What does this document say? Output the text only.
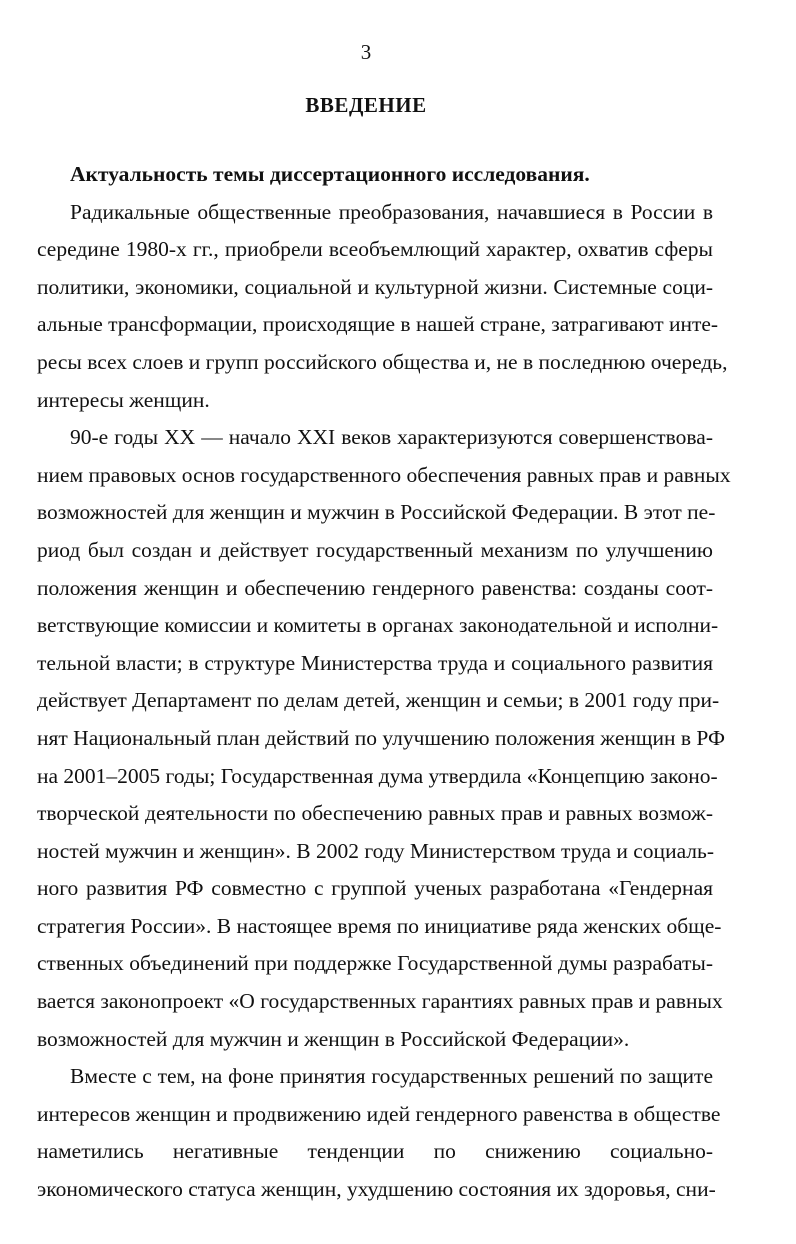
3
ВВЕДЕНИЕ
Актуальность темы диссертационного исследования.
Радикальные общественные преобразования, начавшиеся в России в
середине 1980-х гг., приобрели всеобъемлющий характер, охватив сферы
политики, экономики, социальной и культурной жизни. Системные соци-
альные трансформации, происходящие в нашей стране, затрагивают инте-
ресы всех слоев и групп российского общества и, не в последнюю очередь,
интересы женщин.
90-е годы XX — начало XXI веков характеризуются совершенствова-
нием правовых основ государственного обеспечения равных прав и равных
возможностей для женщин и мужчин в Российской Федерации. В этот пе-
риод был создан и действует государственный механизм по улучшению
положения женщин и обеспечению гендерного равенства: созданы соот-
ветствующие комиссии и комитеты в органах законодательной и исполни-
тельной власти; в структуре Министерства труда и социального развития
действует Департамент по делам детей, женщин и семьи; в 2001 году при-
нят Национальный план действий по улучшению положения женщин в РФ
на 2001–2005 годы; Государственная дума утвердила «Концепцию законо-
творческой деятельности по обеспечению равных прав и равных возмож-
ностей мужчин и женщин». В 2002 году Министерством труда и социаль-
ного развития РФ совместно с группой ученых разработана «Гендерная
стратегия России». В настоящее время по инициативе ряда женских обще-
ственных объединений при поддержке Государственной думы разрабаты-
вается законопроект «О государственных гарантиях равных прав и равных
возможностей для мужчин и женщин в Российской Федерации».
Вместе с тем, на фоне принятия государственных решений по защите
интересов женщин и продвижению идей гендерного равенства в обществе
наметились негативные тенденции по снижению социально-
экономического статуса женщин, ухудшению состояния их здоровья, сни-
